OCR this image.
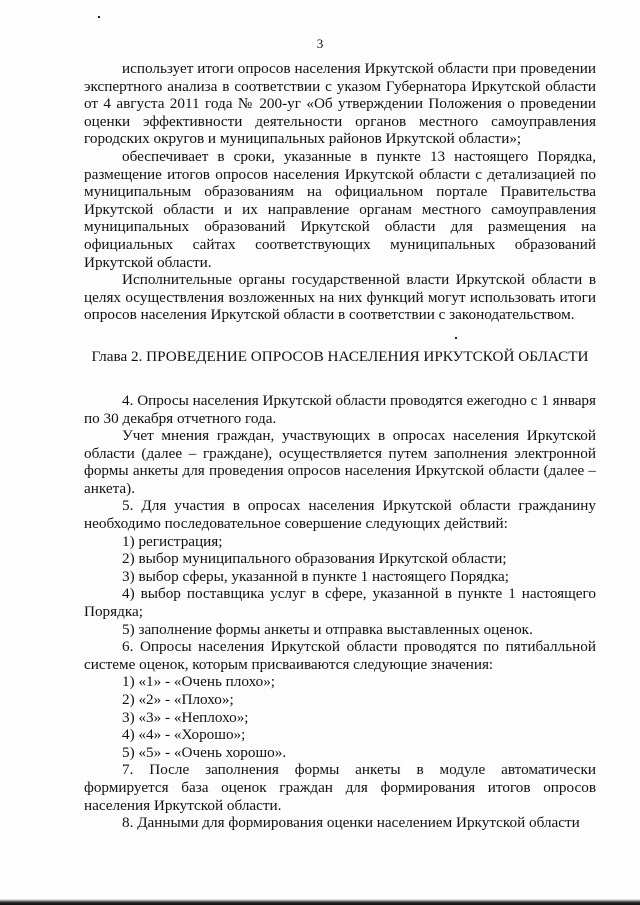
3

использует итоги опросов населения Иркутской области при проведении экспертного анализа в соответствии с указом Губернатора Иркутской области от 4 августа 2011 года № 200-уг «Об утверждении Положения о проведении оценки эффективности деятельности органов местного самоуправления городских округов и муниципальных районов Иркутской области»;

обеспечивает в сроки, указанные в пункте 13 настоящего Порядка, размещение итогов опросов населения Иркутской области с детализацией по муниципальным образованиям на официальном портале Правительства Иркутской области и их направление органам местного самоуправления муниципальных образований Иркутской области для размещения на официальных сайтах соответствующих муниципальных образований Иркутской области.

Исполнительные органы государственной власти Иркутской области в целях осуществления возложенных на них функций могут использовать итоги опросов населения Иркутской области в соответствии с законодательством.

Глава 2. ПРОВЕДЕНИЕ ОПРОСОВ НАСЕЛЕНИЯ ИРКУТСКОЙ ОБЛАСТИ

4. Опросы населения Иркутской области проводятся ежегодно с 1 января по 30 декабря отчетного года.

Учет мнения граждан, участвующих в опросах населения Иркутской области (далее – граждане), осуществляется путем заполнения электронной формы анкеты для проведения опросов населения Иркутской области (далее – анкета).

5. Для участия в опросах населения Иркутской области гражданину необходимо последовательное совершение следующих действий:

1) регистрация;

2) выбор муниципального образования Иркутской области;

3) выбор сферы, указанной в пункте 1 настоящего Порядка;

4) выбор поставщика услуг в сфере, указанной в пункте 1 настоящего Порядка;

5) заполнение формы анкеты и отправка выставленных оценок.

6. Опросы населения Иркутской области проводятся по пятибалльной системе оценок, которым присваиваются следующие значения:

1) «1» - «Очень плохо»;

2) «2» - «Плохо»;

3) «3» - «Неплохо»;

4) «4» - «Хорошо»;

5) «5» - «Очень хорошо».

7. После заполнения формы анкеты в модуле автоматически формируется база оценок граждан для формирования итогов опросов населения Иркутской области.

8. Данными для формирования оценки населением Иркутской области
